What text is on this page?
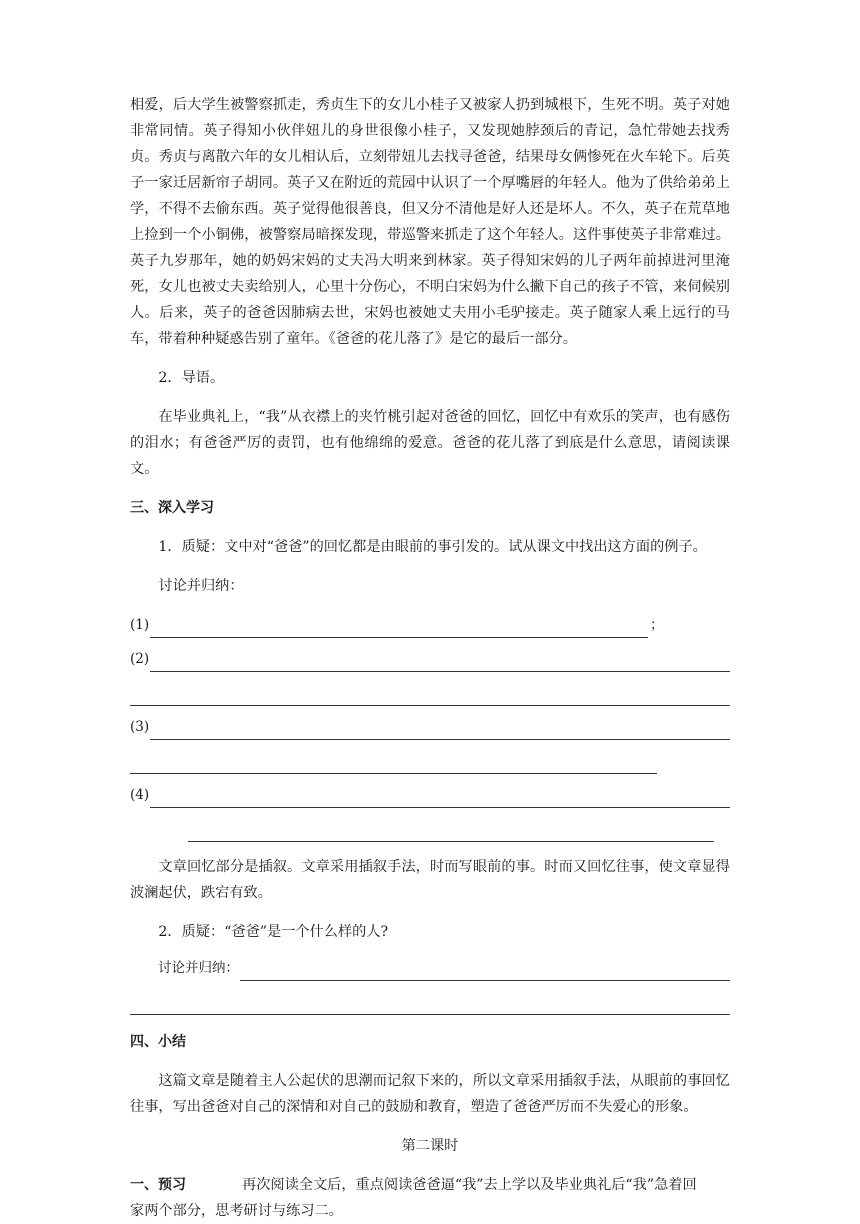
相爱，后大学生被警察抓走，秀贞生下的女儿小桂子又被家人扔到城根下，生死不明。英子对她非常同情。英子得知小伙伴妞儿的身世很像小桂子，又发现她脖颈后的青记，急忙带她去找秀贞。秀贞与离散六年的女儿相认后，立刻带妞儿去找寻爸爸，结果母女俩惨死在火车轮下。后英子一家迁居新帘子胡同。英子又在附近的荒园中认识了一个厚嘴唇的年轻人。他为了供给弟弟上学，不得不去偷东西。英子觉得他很善良，但又分不清他是好人还是坏人。不久，英子在荒草地上捡到一个小铜佛，被警察局暗探发现，带巡警来抓走了这个年轻人。这件事使英子非常难过。英子九岁那年，她的奶妈宋妈的丈夫冯大明来到林家。英子得知宋妈的儿子两年前掉进河里淹死，女儿也被丈夫卖给别人，心里十分伤心，不明白宋妈为什么撇下自己的孩子不管，来伺候别人。后来，英子的爸爸因肺病去世，宋妈也被她丈夫用小毛驴接走。英子随家人乘上远行的马车，带着种种疑惑告别了童年。《爸爸的花儿落了》是它的最后一部分。

2．导语。

在毕业典礼上，“我”从衣襟上的夹竹桃引起对爸爸的回忆，回忆中有欢乐的笑声，也有感伤的泪水；有爸爸严厉的责罚，也有他绵绵的爱意。爸爸的花儿落了到底是什么意思，请阅读课文。

三、深入学习

1．质疑：文中对“爸爸”的回忆都是由眼前的事引发的。试从课文中找出这方面的例子。

讨论并归纳：

(1)	；
(2)
(3)
(4)

文章回忆部分是插叙。文章采用插叙手法，时而写眼前的事。时而又回忆往事，使文章显得波澜起伏，跌宕有致。

2．质疑：“爸爸”是一个什么样的人?

讨论并归纳：

四、小结

这篇文章是随着主人公起伏的思潮而记叙下来的，所以文章采用插叙手法，从眼前的事回忆往事，写出爸爸对自己的深情和对自己的鼓励和教育，塑造了爸爸严厉而不失爱心的形象。

第二课时

一、预习	再次阅读全文后，重点阅读爸爸逼“我”去上学以及毕业典礼后“我”急着回

家两个部分，思考研讨与练习二。
